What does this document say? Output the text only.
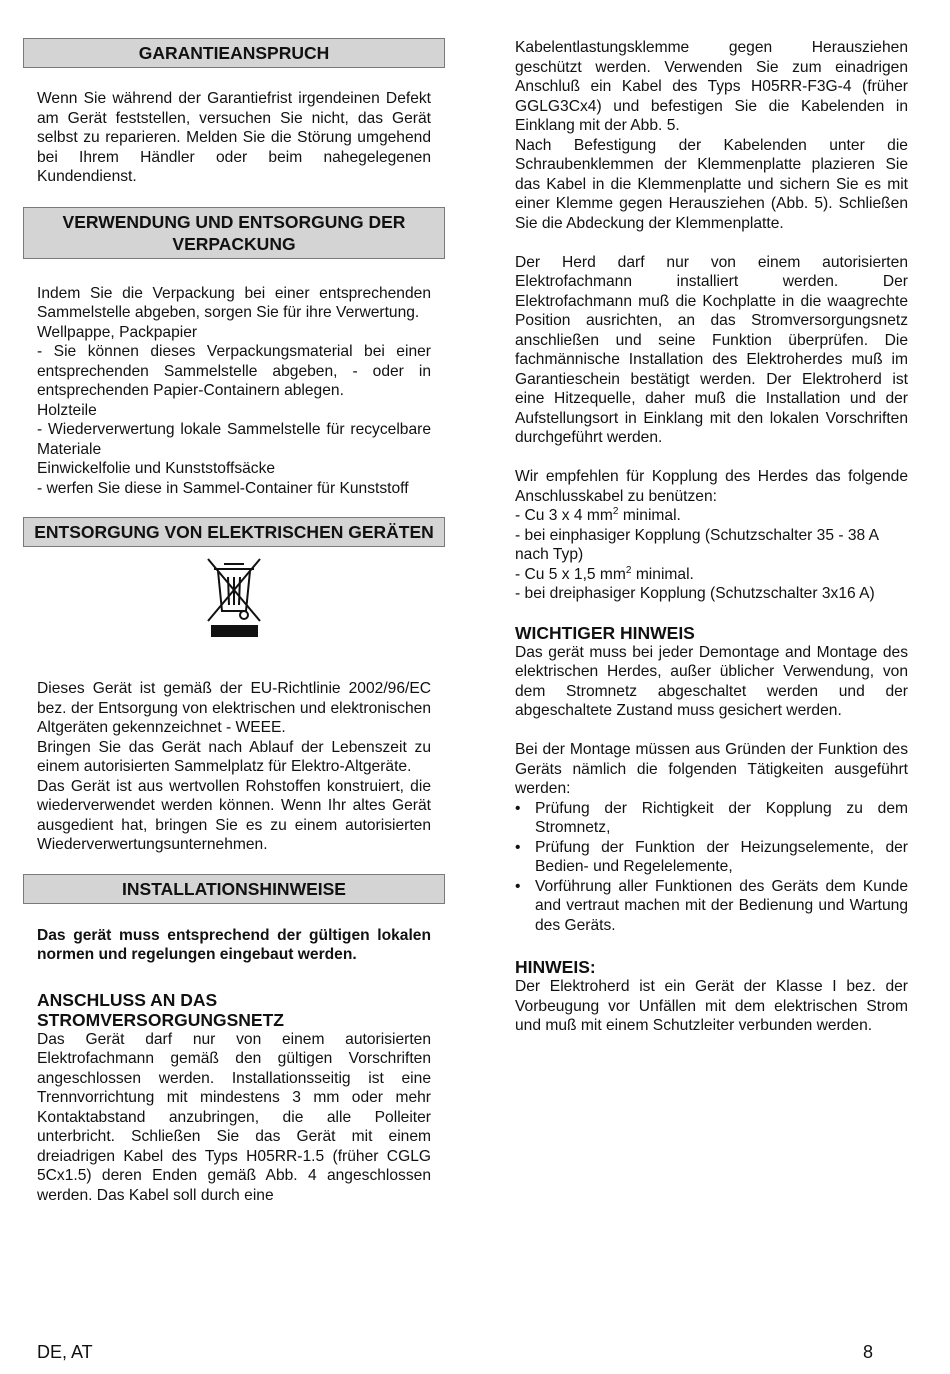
GARANTIEANSPRUCH

Wenn Sie während der Garantiefrist irgendeinen Defekt am Gerät feststellen, versuchen Sie nicht, das Gerät selbst zu reparieren. Melden Sie die Störung umgehend bei Ihrem Händler oder beim nahegelegenen Kundendienst.

VERWENDUNG UND ENTSORGUNG DER VERPACKUNG

Indem Sie die Verpackung bei einer entsprechenden Sammelstelle abgeben, sorgen Sie für ihre Verwertung.

Wellpappe, Packpapier

- Sie können dieses Verpackungsmaterial bei einer entsprechenden Sammelstelle abgeben, - oder in entsprechenden Papier-Containern ablegen.

Holzteile

- Wiederverwertung lokale Sammelstelle für recycelbare Materiale

Einwickelfolie und Kunststoffsäcke

- werfen Sie diese in Sammel-Container für Kunststoff

ENTSORGUNG VON ELEKTRISCHEN GERÄTEN

Dieses Gerät ist gemäß der EU-Richtlinie 2002/96/EC bez. der Entsorgung von elektrischen und elektronischen Altgeräten gekennzeichnet - WEEE.

Bringen Sie das Gerät nach Ablauf der Lebenszeit zu einem autorisierten Sammelplatz für Elektro-Altgeräte.

Das Gerät ist aus wertvollen Rohstoffen konstruiert, die wiederverwendet werden können. Wenn Ihr altes Gerät ausgedient hat, bringen Sie es zu einem autorisierten Wiederverwertungsunternehmen.

INSTALLATIONSHINWEISE

Das gerät muss entsprechend der gültigen lokalen normen und regelungen eingebaut werden.

ANSCHLUSS AN DAS

STROMVERSORGUNGSNETZ

Das Gerät darf nur von einem autorisierten Elektrofachmann gemäß den gültigen Vorschriften angeschlossen werden. Installationsseitig ist eine Trennvorrichtung mit mindestens 3 mm oder mehr Kontaktabstand anzubringen, die alle Polleiter unterbricht. Schließen Sie das Gerät mit einem dreiadrigen Kabel des Typs H05RR-1.5 (früher CGLG 5Cx1.5) deren Enden gemäß Abb. 4 angeschlossen werden. Das Kabel soll durch eine

Kabelentlastungsklemme gegen Herausziehen geschützt werden. Verwenden Sie zum einadrigen Anschluß ein Kabel des Typs H05RR-F3G-4 (früher GGLG3Cx4) und befestigen Sie die Kabelenden in Einklang mit der Abb. 5.

Nach Befestigung der Kabelenden unter die Schraubenklemmen der Klemmenplatte plazieren Sie das Kabel in die Klemmenplatte und sichern Sie es mit einer Klemme gegen Herausziehen (Abb. 5). Schließen Sie die Abdeckung der Klemmenplatte.

Der Herd darf nur von einem autorisierten Elektrofachmann installiert werden. Der Elektrofachmann muß die Kochplatte in die waagrechte Position ausrichten, an das Stromversorgungsnetz anschließen und seine Funktion überprüfen. Die fachmännische Installation des Elektroherdes muß im Garantieschein bestätigt werden. Der Elektroherd ist eine Hitzequelle, daher muß die Installation und der Aufstellungsort in Einklang mit den lokalen Vorschriften durchgeführt werden.

Wir empfehlen für Kopplung des Herdes das folgende Anschlusskabel zu benützen:

- Cu 3 x 4 $mm^2$ minimal.

- bei einphasiger Kopplung (Schutzschalter 35 - 38 A nach Typ)

- Cu 5 x 1,5 $mm^2$ minimal.

- bei dreiphasiger Kopplung (Schutzschalter 3x16 A)

WICHTIGER HINWEIS

Das gerät muss bei jeder Demontage and Montage des elektrischen Herdes, außer üblicher Verwendung, von dem Stromnetz abgeschaltet werden und der abgeschaltete Zustand muss gesichert werden.

Bei der Montage müssen aus Gründen der Funktion des Geräts nämlich die folgenden Tätigkeiten ausgeführt werden:

• Prüfung der Richtigkeit der Kopplung zu dem Stromnetz,
• Prüfung der Funktion der Heizungselemente, der Bedien- und Regelelemente,
• Vorführung aller Funktionen des Geräts dem Kunde and vertraut machen mit der Bedienung und Wartung des Geräts.

HINWEIS:

Der Elektroherd ist ein Gerät der Klasse I bez. der Vorbeugung vor Unfällen mit dem elektrischen Strom und muß mit einem Schutzleiter verbunden werden.

DE, AT	8
